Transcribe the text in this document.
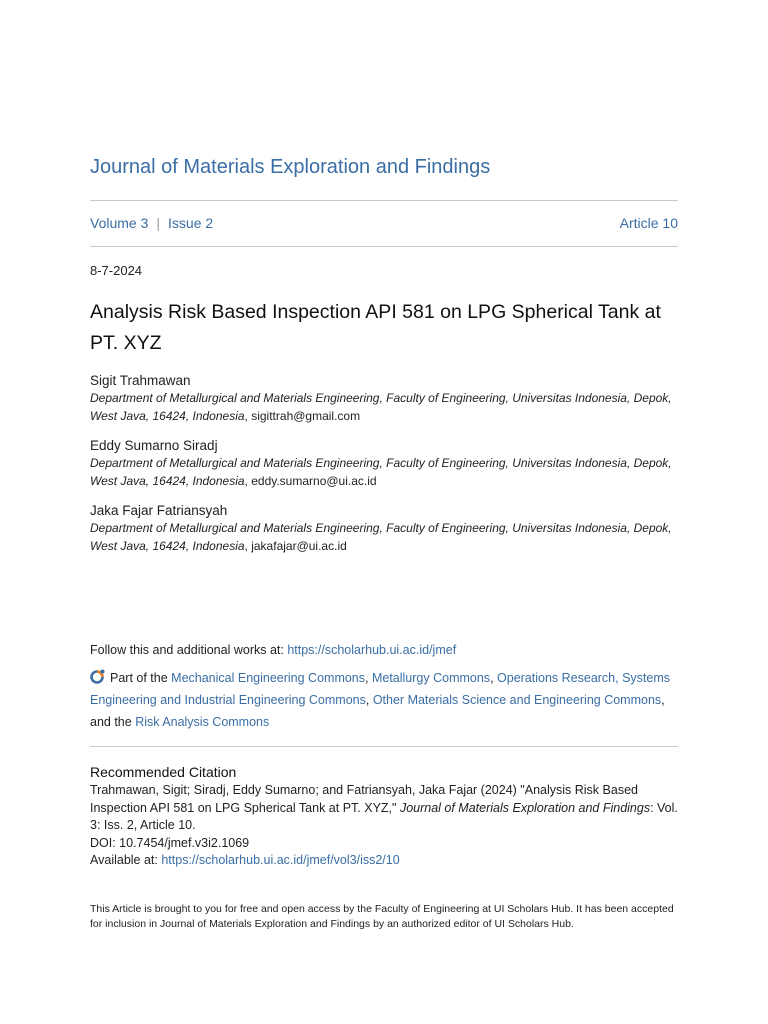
Journal of Materials Exploration and Findings
Volume 3 | Issue 2	Article 10
8-7-2024
Analysis Risk Based Inspection API 581 on LPG Spherical Tank at PT. XYZ
Sigit Trahmawan
Department of Metallurgical and Materials Engineering, Faculty of Engineering, Universitas Indonesia, Depok, West Java, 16424, Indonesia, sigittrah@gmail.com
Eddy Sumarno Siradj
Department of Metallurgical and Materials Engineering, Faculty of Engineering, Universitas Indonesia, Depok, West Java, 16424, Indonesia, eddy.sumarno@ui.ac.id
Jaka Fajar Fatriansyah
Department of Metallurgical and Materials Engineering, Faculty of Engineering, Universitas Indonesia, Depok, West Java, 16424, Indonesia, jakafajar@ui.ac.id
Follow this and additional works at: https://scholarhub.ui.ac.id/jmef
Part of the Mechanical Engineering Commons, Metallurgy Commons, Operations Research, Systems Engineering and Industrial Engineering Commons, Other Materials Science and Engineering Commons, and the Risk Analysis Commons
Recommended Citation
Trahmawan, Sigit; Siradj, Eddy Sumarno; and Fatriansyah, Jaka Fajar (2024) "Analysis Risk Based Inspection API 581 on LPG Spherical Tank at PT. XYZ," Journal of Materials Exploration and Findings: Vol. 3: Iss. 2, Article 10.
DOI: 10.7454/jmef.v3i2.1069
Available at: https://scholarhub.ui.ac.id/jmef/vol3/iss2/10
This Article is brought to you for free and open access by the Faculty of Engineering at UI Scholars Hub. It has been accepted for inclusion in Journal of Materials Exploration and Findings by an authorized editor of UI Scholars Hub.
